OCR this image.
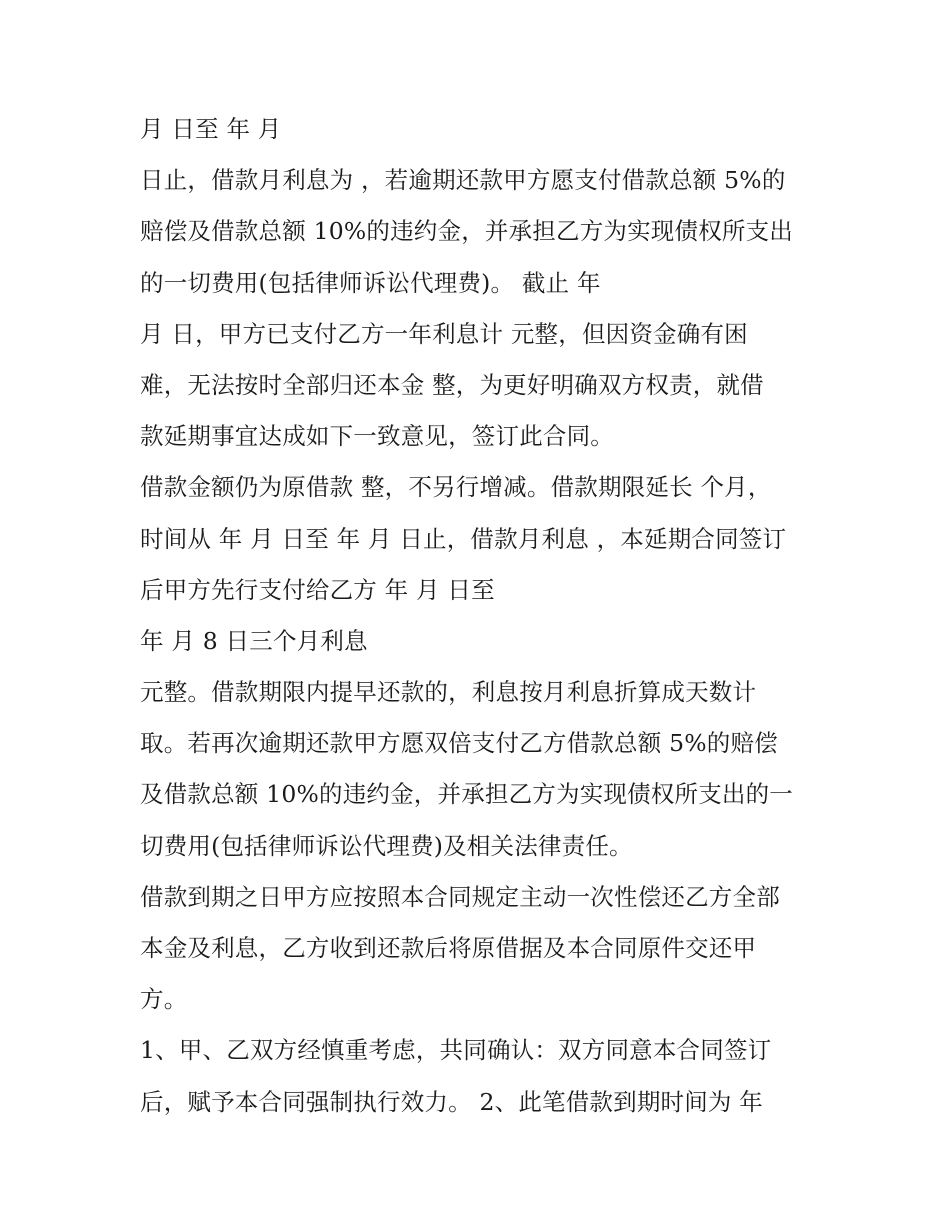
月 日至 年 月
日止，借款月利息为 ，若逾期还款甲方愿支付借款总额 5%的
赔偿及借款总额 10%的违约金，并承担乙方为实现债权所支出
的一切费用(包括律师诉讼代理费)。 截止 年
月 日，甲方已支付乙方一年利息计 元整，但因资金确有困
难，无法按时全部归还本金 整，为更好明确双方权责，就借
款延期事宜达成如下一致意见，签订此合同。
借款金额仍为原借款 整，不另行增减。借款期限延长 个月，
时间从 年 月 日至 年 月 日止，借款月利息 ，本延期合同签订
后甲方先行支付给乙方 年 月 日至
年 月 8 日三个月利息
元整。借款期限内提早还款的，利息按月利息折算成天数计
取。若再次逾期还款甲方愿双倍支付乙方借款总额 5%的赔偿
及借款总额 10%的违约金，并承担乙方为实现债权所支出的一
切费用(包括律师诉讼代理费)及相关法律责任。
借款到期之日甲方应按照本合同规定主动一次性偿还乙方全部
本金及利息，乙方收到还款后将原借据及本合同原件交还甲
方。
1、甲、乙双方经慎重考虑，共同确认：双方同意本合同签订
后，赋予本合同强制执行效力。 2、此笔借款到期时间为 年
